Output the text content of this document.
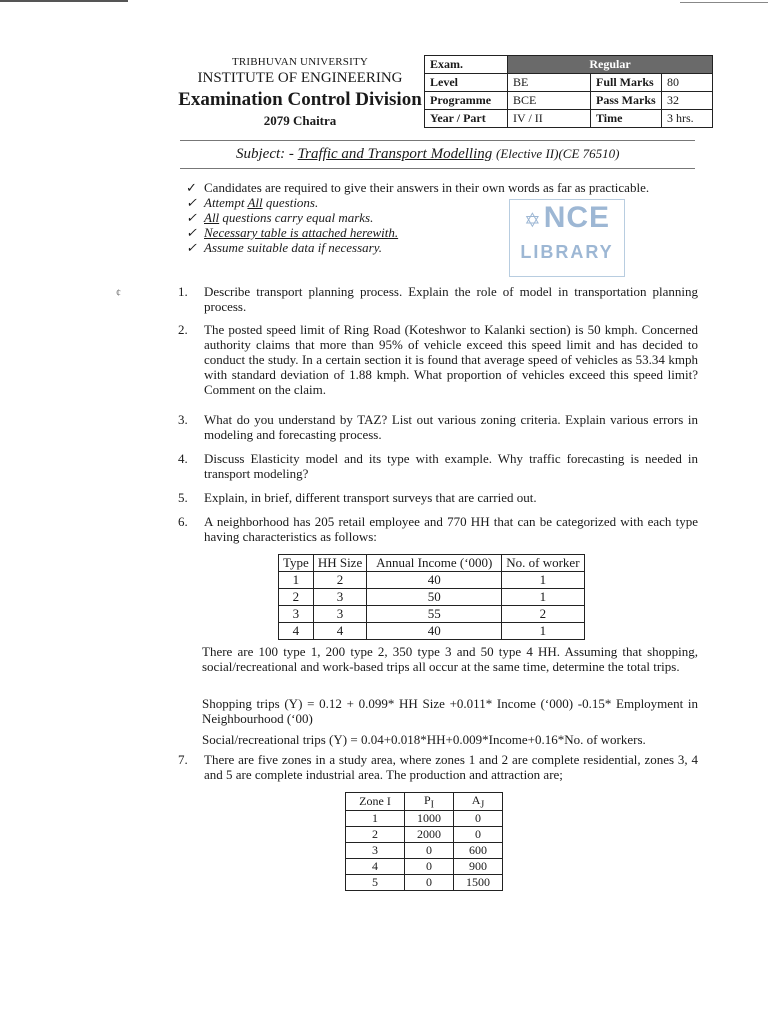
TRIBHUVAN UNIVERSITY
INSTITUTE OF ENGINEERING
Examination Control Division
2079 Chaitra
Exam.	Regular		
Level	BE	Full Marks	80
Programme	BCE	Pass Marks	32
Year / Part	IV / II	Time	3 hrs.
Subject: - Traffic and Transport Modelling (Elective II)(CE 76510)
✓ Candidates are required to give their answers in their own words as far as practicable.
✓ Attempt All questions.
✓ All questions carry equal marks.
✓ Necessary table is attached herewith.
✓ Assume suitable data if necessary.
✡NCE
LIBRARY
¢	1.	Describe transport planning process. Explain the role of model in transportation planning process.
2.	The posted speed limit of Ring Road (Koteshwor to Kalanki section) is 50 kmph. Concerned authority claims that more than 95% of vehicle exceed this speed limit and has decided to conduct the study. In a certain section it is found that average speed of vehicles as 53.34 kmph with standard deviation of 1.88 kmph. What proportion of vehicles exceed this speed limit? Comment on the claim.
3.	What do you understand by TAZ? List out various zoning criteria. Explain various errors in modeling and forecasting process.
4.	Discuss Elasticity model and its type with example. Why traffic forecasting is needed in transport modeling?
5.	Explain, in brief, different transport surveys that are carried out.
6.	A neighborhood has 205 retail employee and 770 HH that can be categorized with each type having characteristics as follows:
Type	HH Size	Annual Income (‘000)	No. of worker
1	2	40	1
2	3	50	1
3	3	55	2
4	4	40	1
There are 100 type 1, 200 type 2, 350 type 3 and 50 type 4 HH. Assuming that shopping, social/recreational and work-based trips all occur at the same time, determine the total trips.
Shopping trips (Y) = 0.12 + 0.099* HH Size +0.011* Income (‘000) -0.15* Employment in Neighbourhood (‘00)
Social/recreational trips (Y) = 0.04+0.018*HH+0.009*Income+0.16*No. of workers.
7.	There are five zones in a study area, where zones 1 and 2 are complete residential, zones 3, 4 and 5 are complete industrial area. The production and attraction are;
Zone I	$P_I$	$A_J$
1	1000	0
2	2000	0
3	0	600
4	0	900
5	0	1500
